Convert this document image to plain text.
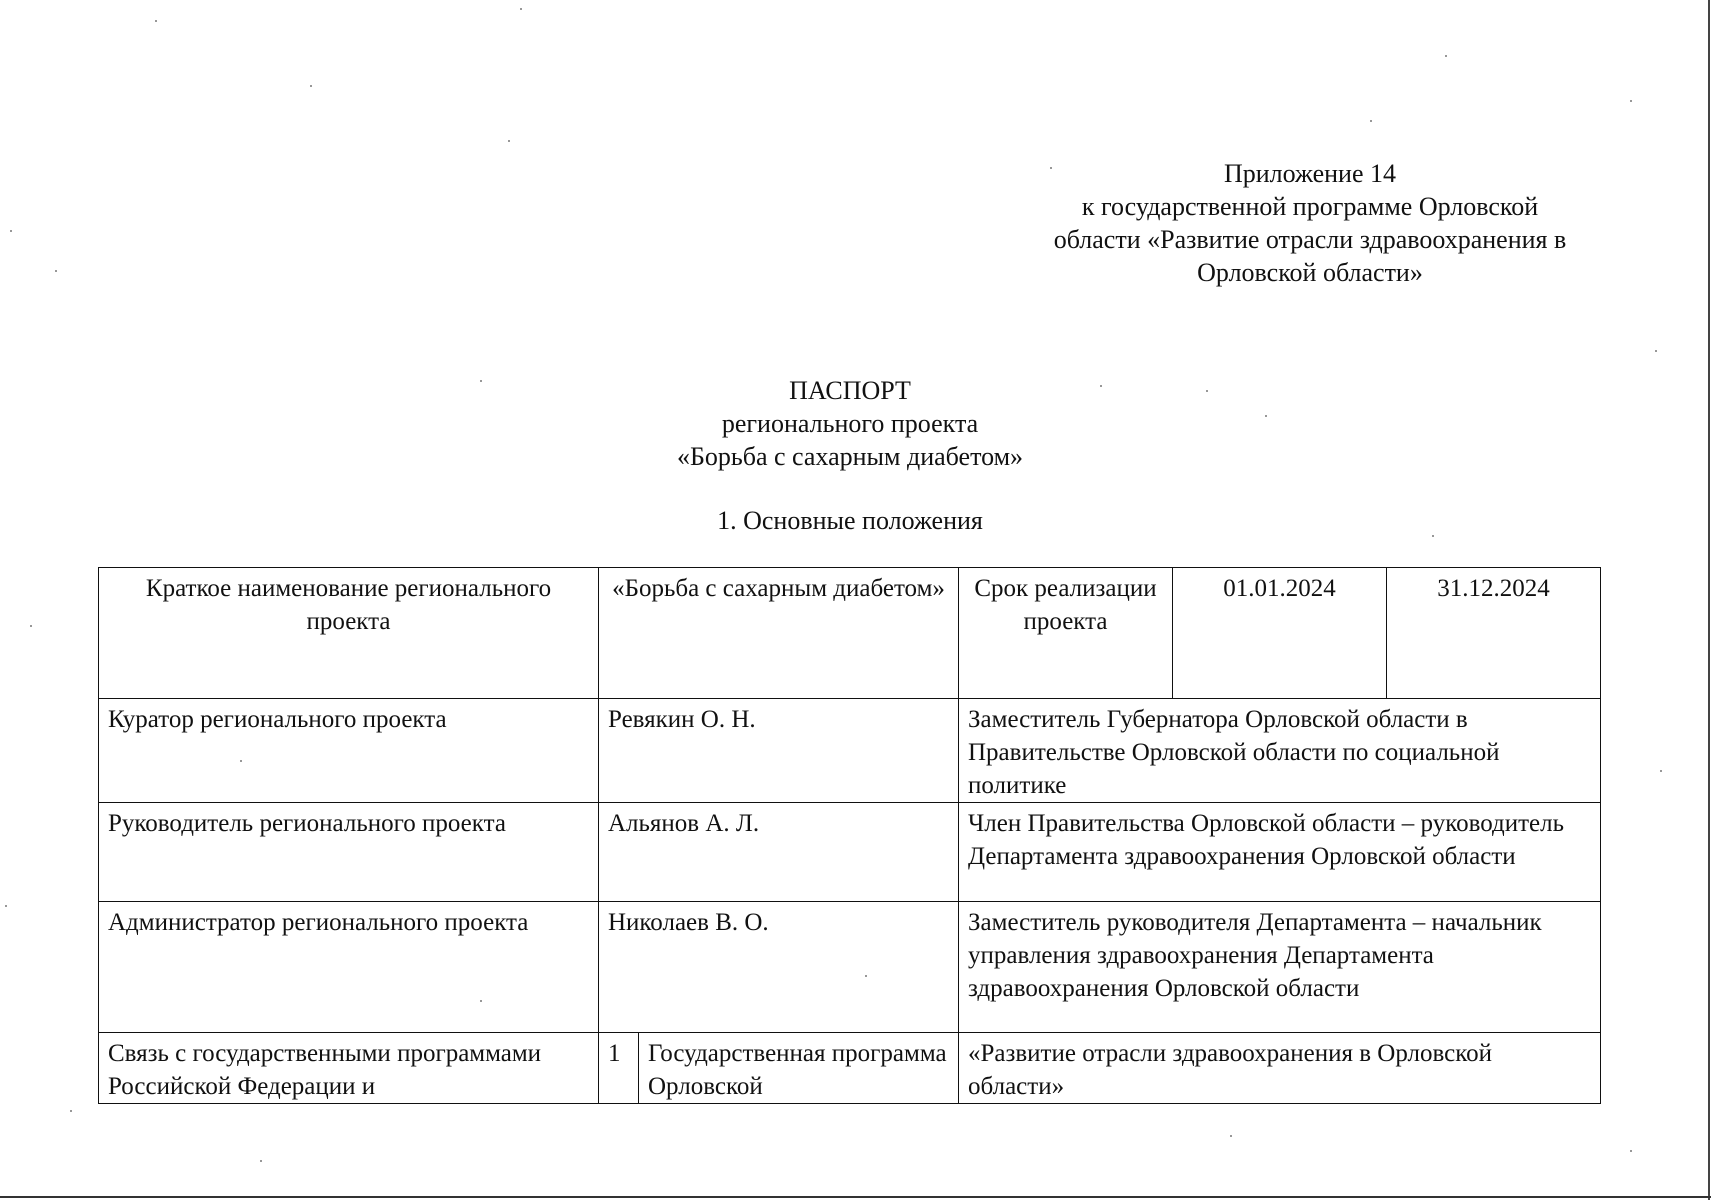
Приложение 14
к государственной программе Орловской
области «Развитие отрасли здравоохранения в
Орловской области»
ПАСПОРТ
регионального проекта
«Борьба с сахарным диабетом»
1. Основные положения
Краткое наименование регионального проекта	«Борьба с сахарным диабетом»		Срок реализации проекта	01.01.2024	31.12.2024
Куратор регионального проекта	Ревякин О. Н.		Заместитель Губернатора Орловской области в Правительстве Орловской области по социальной политике		
Руководитель регионального проекта	Альянов А. Л.		Член Правительства Орловской области – руководитель Департамента здравоохранения Орловской области		
Администратор регионального проекта	Николаев В. О.		Заместитель руководителя Департамента – начальник управления здравоохранения Департамента здравоохранения Орловской области		
Связь с государственными программами Российской Федерации и	1	Государственная программа Орловской	«Развитие отрасли здравоохранения в Орловской области»		
